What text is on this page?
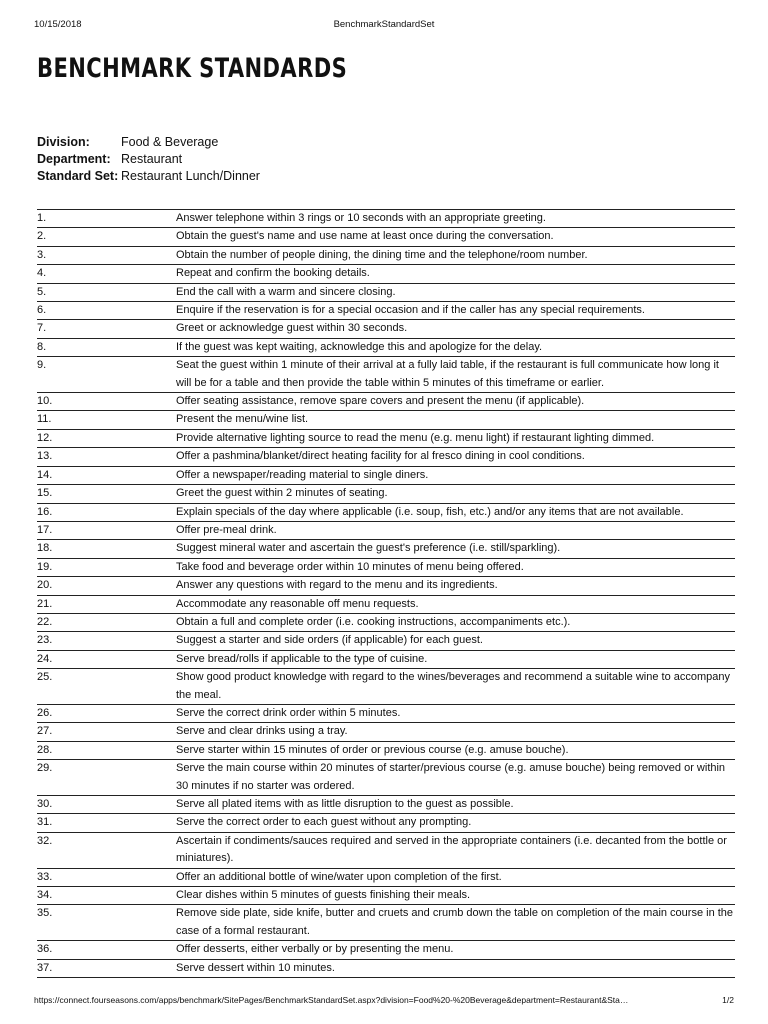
10/15/2018	BenchmarkStandardSet
BENCHMARK STANDARDS
Division:	Food & Beverage
Department: Restaurant
Standard Set: Restaurant Lunch/Dinner
1.	Answer telephone within 3 rings or 10 seconds with an appropriate greeting.
2.	Obtain the guest's name and use name at least once during the conversation.
3.	Obtain the number of people dining, the dining time and the telephone/room number.
4.	Repeat and confirm the booking details.
5.	End the call with a warm and sincere closing.
6.	Enquire if the reservation is for a special occasion and if the caller has any special requirements.
7.	Greet or acknowledge guest within 30 seconds.
8.	If the guest was kept waiting, acknowledge this and apologize for the delay.
9.	Seat the guest within 1 minute of their arrival at a fully laid table, if the restaurant is full communicate how long it will be for a table and then provide the table within 5 minutes of this timeframe or earlier.
10.	Offer seating assistance, remove spare covers and present the menu (if applicable).
11.	Present the menu/wine list.
12.	Provide alternative lighting source to read the menu (e.g. menu light) if restaurant lighting dimmed.
13.	Offer a pashmina/blanket/direct heating facility for al fresco dining in cool conditions.
14.	Offer a newspaper/reading material to single diners.
15.	Greet the guest within 2 minutes of seating.
16.	Explain specials of the day where applicable (i.e. soup, fish, etc.) and/or any items that are not available.
17.	Offer pre-meal drink.
18.	Suggest mineral water and ascertain the guest's preference (i.e. still/sparkling).
19.	Take food and beverage order within 10 minutes of menu being offered.
20.	Answer any questions with regard to the menu and its ingredients.
21.	Accommodate any reasonable off menu requests.
22.	Obtain a full and complete order (i.e. cooking instructions, accompaniments etc.).
23.	Suggest a starter and side orders (if applicable) for each guest.
24.	Serve bread/rolls if applicable to the type of cuisine.
25.	Show good product knowledge with regard to the wines/beverages and recommend a suitable wine to accompany the meal.
26.	Serve the correct drink order within 5 minutes.
27.	Serve and clear drinks using a tray.
28.	Serve starter within 15 minutes of order or previous course (e.g. amuse bouche).
29.	Serve the main course within 20 minutes of starter/previous course (e.g. amuse bouche) being removed or within 30 minutes if no starter was ordered.
30.	Serve all plated items with as little disruption to the guest as possible.
31.	Serve the correct order to each guest without any prompting.
32.	Ascertain if condiments/sauces required and served in the appropriate containers (i.e. decanted from the bottle or miniatures).
33.	Offer an additional bottle of wine/water upon completion of the first.
34.	Clear dishes within 5 minutes of guests finishing their meals.
35.	Remove side plate, side knife, butter and cruets and crumb down the table on completion of the main course in the case of a formal restaurant.
36.	Offer desserts, either verbally or by presenting the menu.
37.	Serve dessert within 10 minutes.
https://connect.fourseasons.com/apps/benchmark/SitePages/BenchmarkStandardSet.aspx?division=Food%20-%20Beverage&department=Restaurant&Sta…	1/2
